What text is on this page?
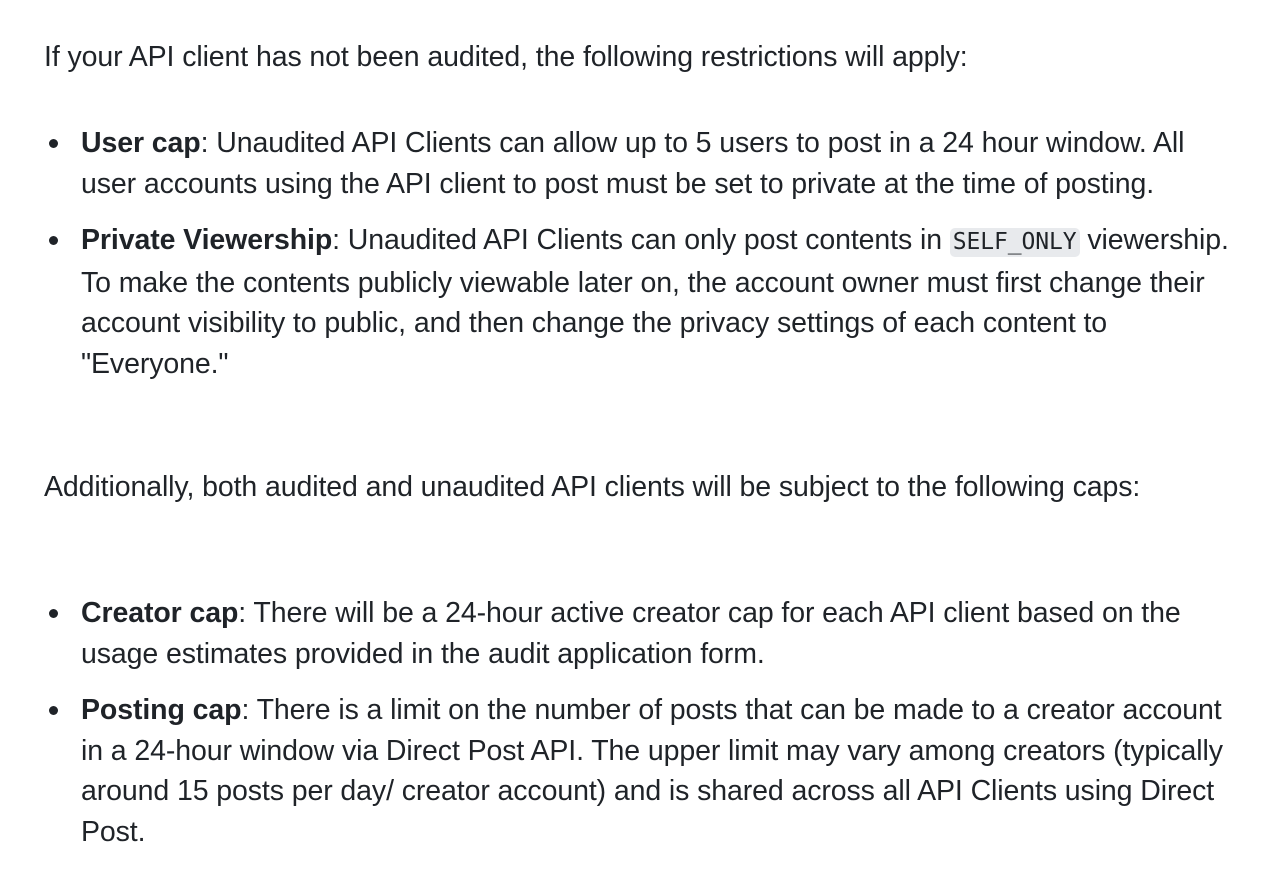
If your API client has not been audited, the following restrictions will apply:

User cap: Unaudited API Clients can allow up to 5 users to post in a 24 hour window. All user accounts using the API client to post must be set to private at the time of posting.
Private Viewership: Unaudited API Clients can only post contents in SELF_ONLY viewership. To make the contents publicly viewable later on, the account owner must first change their account visibility to public, and then change the privacy settings of each content to "Everyone."

Additionally, both audited and unaudited API clients will be subject to the following caps:

Creator cap: There will be a 24-hour active creator cap for each API client based on the usage estimates provided in the audit application form.
Posting cap: There is a limit on the number of posts that can be made to a creator account in a 24-hour window via Direct Post API. The upper limit may vary among creators (typically around 15 posts per day/ creator account) and is shared across all API Clients using Direct Post.
